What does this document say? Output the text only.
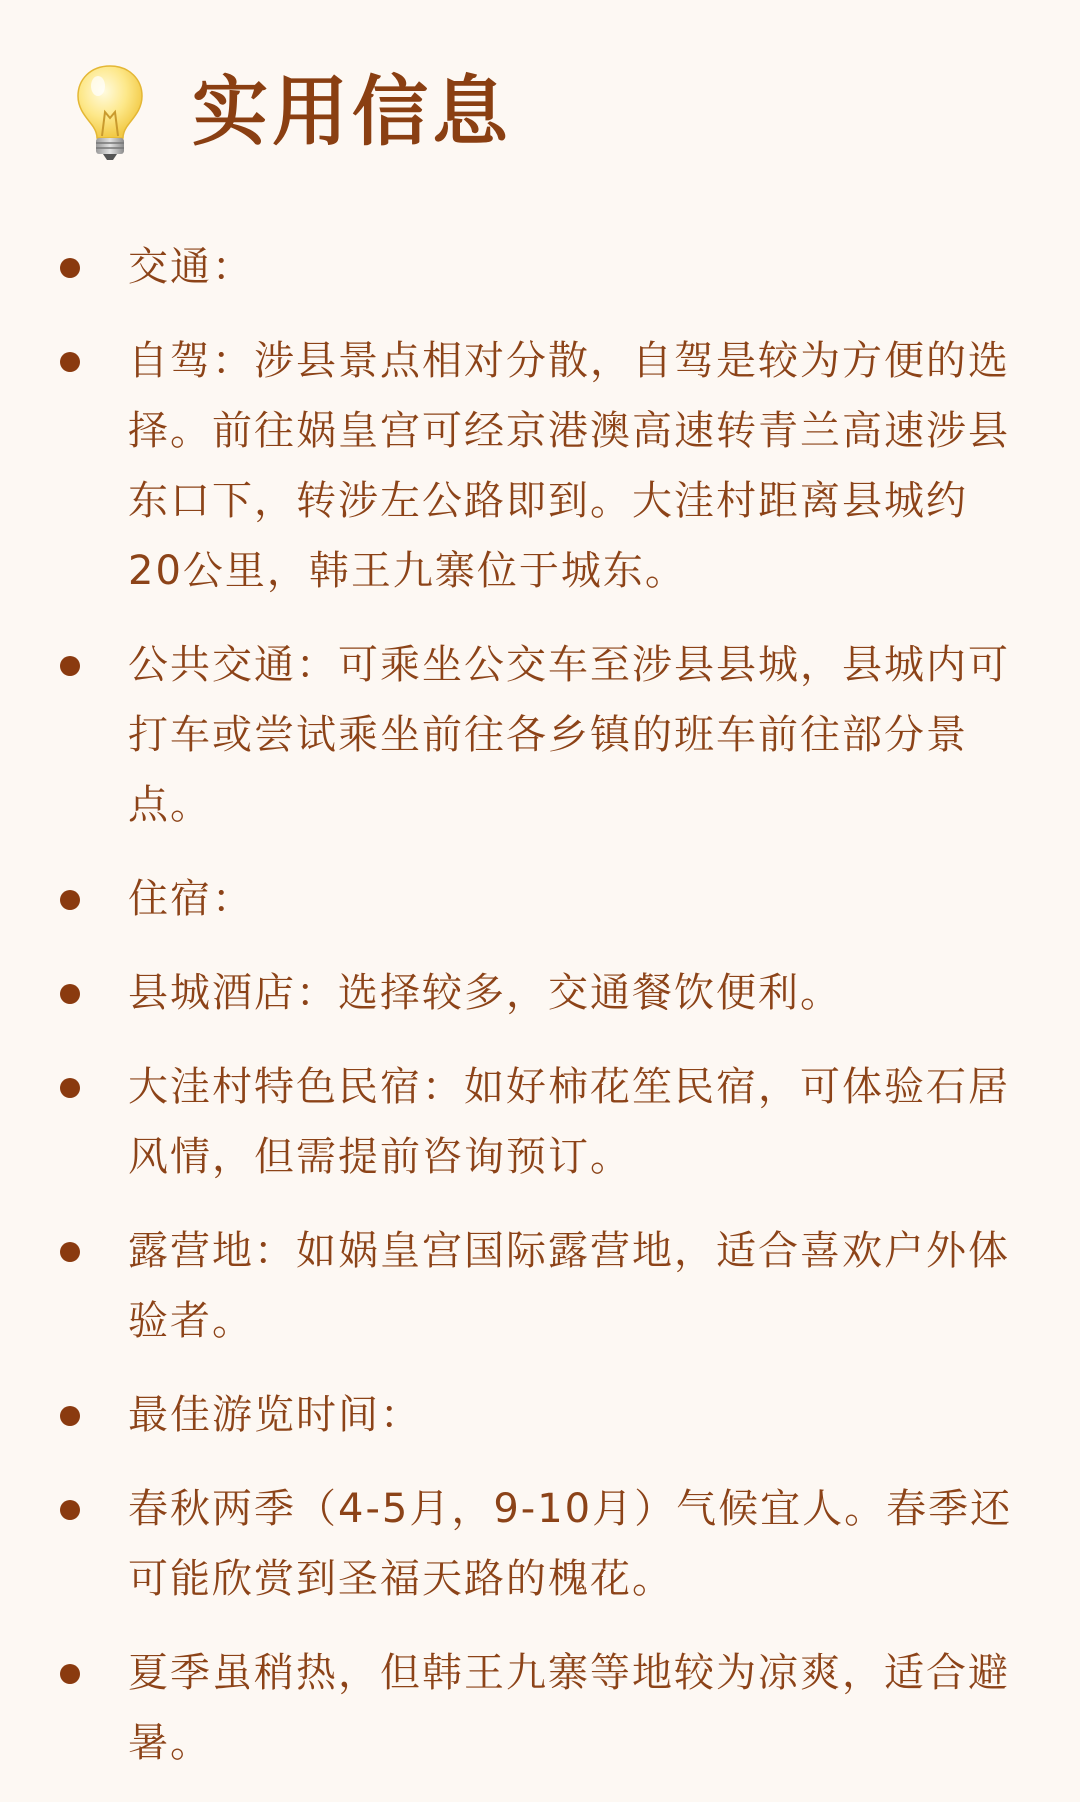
实用信息
交通：
自驾：涉县景点相对分散，自驾是较为方便的选择。前往娲皇宫可经京港澳高速转青兰高速涉县东口下，转涉左公路即到。大洼村距离县城约20公里，韩王九寨位于城东。
公共交通：可乘坐公交车至涉县县城，县城内可打车或尝试乘坐前往各乡镇的班车前往部分景点。
住宿：
县城酒店：选择较多，交通餐饮便利。
大洼村特色民宿：如好柿花笙民宿，可体验石居风情，但需提前咨询预订。
露营地：如娲皇宫国际露营地，适合喜欢户外体验者。
最佳游览时间：
春秋两季（4-5月，9-10月）气候宜人。春季还可能欣赏到圣福天路的槐花。
夏季虽稍热，但韩王九寨等地较为凉爽，适合避暑。
